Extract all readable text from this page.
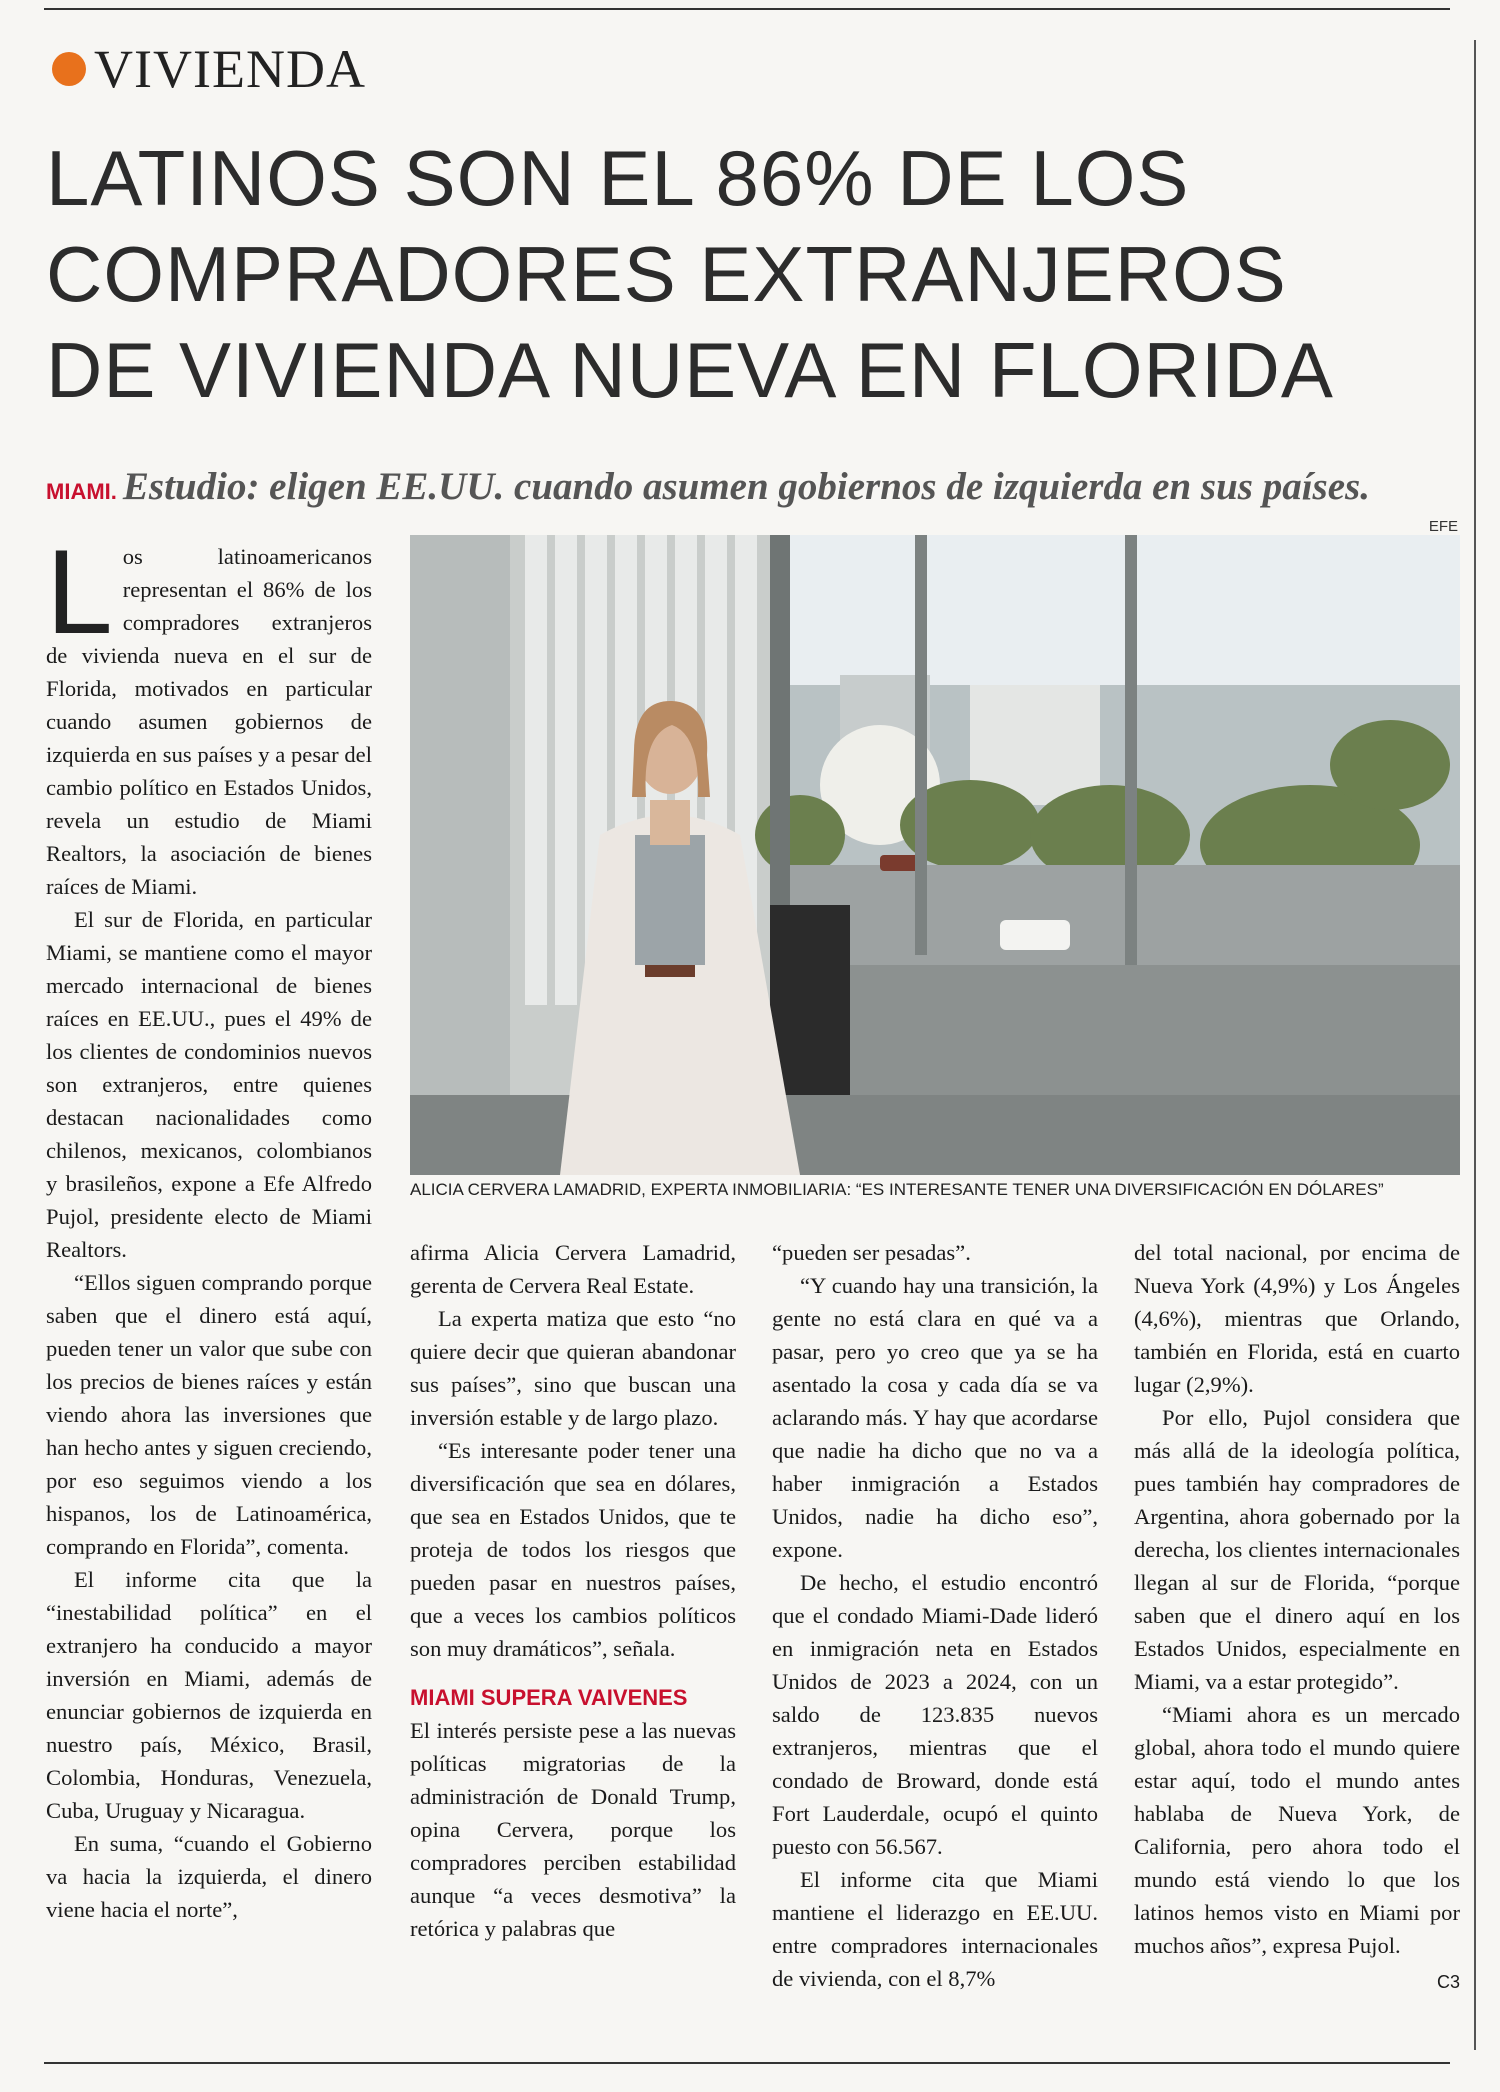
VIVIENDA
LATINOS SON EL 86% DE LOS
COMPRADORES EXTRANJEROS
DE VIVIENDA NUEVA EN FLORIDA
MIAMI. Estudio: eligen EE.UU. cuando asumen gobiernos de izquierda en sus países.
EFE
ALICIA CERVERA LAMADRID, EXPERTA INMOBILIARIA: “ES INTERESANTE TENER UNA DIVERSIFICACIÓN EN DÓLARES”

Los latinoamericanos representan el 86% de los compradores extranjeros de vivienda nueva en el sur de Florida, motivados en particular cuando asumen gobiernos de izquierda en sus países y a pesar del cambio político en Estados Unidos, revela un estudio de Miami Realtors, la asociación de bienes raíces de Miami.

El sur de Florida, en particular Miami, se mantiene como el mayor mercado internacional de bienes raíces en EE.UU., pues el 49% de los clientes de condominios nuevos son extranjeros, entre quienes destacan nacionalidades como chilenos, mexicanos, colombianos y brasileños, expone a Efe Alfredo Pujol, presidente electo de Miami Realtors.

“Ellos siguen comprando porque saben que el dinero está aquí, pueden tener un valor que sube con los precios de bienes raíces y están viendo ahora las inversiones que han hecho antes y siguen creciendo, por eso seguimos viendo a los hispanos, los de Latinoamérica, comprando en Florida”, comenta.

El informe cita que la “inestabilidad política” en el extranjero ha conducido a mayor inversión en Miami, además de enunciar gobiernos de izquierda en nuestro país, México, Brasil, Colombia, Honduras, Venezuela, Cuba, Uruguay y Nicaragua.

En suma, “cuando el Gobierno va hacia la izquierda, el dinero viene hacia el norte”,

afirma Alicia Cervera Lamadrid, gerenta de Cervera Real Estate.

La experta matiza que esto “no quiere decir que quieran abandonar sus países”, sino que buscan una inversión estable y de largo plazo.

“Es interesante poder tener una diversificación que sea en dólares, que sea en Estados Unidos, que te proteja de todos los riesgos que pueden pasar en nuestros países, que a veces los cambios políticos son muy dramáticos”, señala.

MIAMI SUPERA VAIVENES

El interés persiste pese a las nuevas políticas migratorias de la administración de Donald Trump, opina Cervera, porque los compradores perciben estabilidad aunque “a veces desmotiva” la retórica y palabras que

“pueden ser pesadas”.

“Y cuando hay una transición, la gente no está clara en qué va a pasar, pero yo creo que ya se ha asentado la cosa y cada día se va aclarando más. Y hay que acordarse que nadie ha dicho que no va a haber inmigración a Estados Unidos, nadie ha dicho eso”, expone.

De hecho, el estudio encontró que el condado Miami-Dade lideró en inmigración neta en Estados Unidos de 2023 a 2024, con un saldo de 123.835 nuevos extranjeros, mientras que el condado de Broward, donde está Fort Lauderdale, ocupó el quinto puesto con 56.567.

El informe cita que Miami mantiene el liderazgo en EE.UU. entre compradores internacionales de vivienda, con el 8,7%

del total nacional, por encima de Nueva York (4,9%) y Los Ángeles (4,6%), mientras que Orlando, también en Florida, está en cuarto lugar (2,9%).

Por ello, Pujol considera que más allá de la ideología política, pues también hay compradores de Argentina, ahora gobernado por la derecha, los clientes internacionales llegan al sur de Florida, “porque saben que el dinero aquí en los Estados Unidos, especialmente en Miami, va a estar protegido”.

“Miami ahora es un mercado global, ahora todo el mundo quiere estar aquí, todo el mundo antes hablaba de Nueva York, de California, pero ahora todo el mundo está viendo lo que los latinos hemos visto en Miami por muchos años”, expresa Pujol.

C3
